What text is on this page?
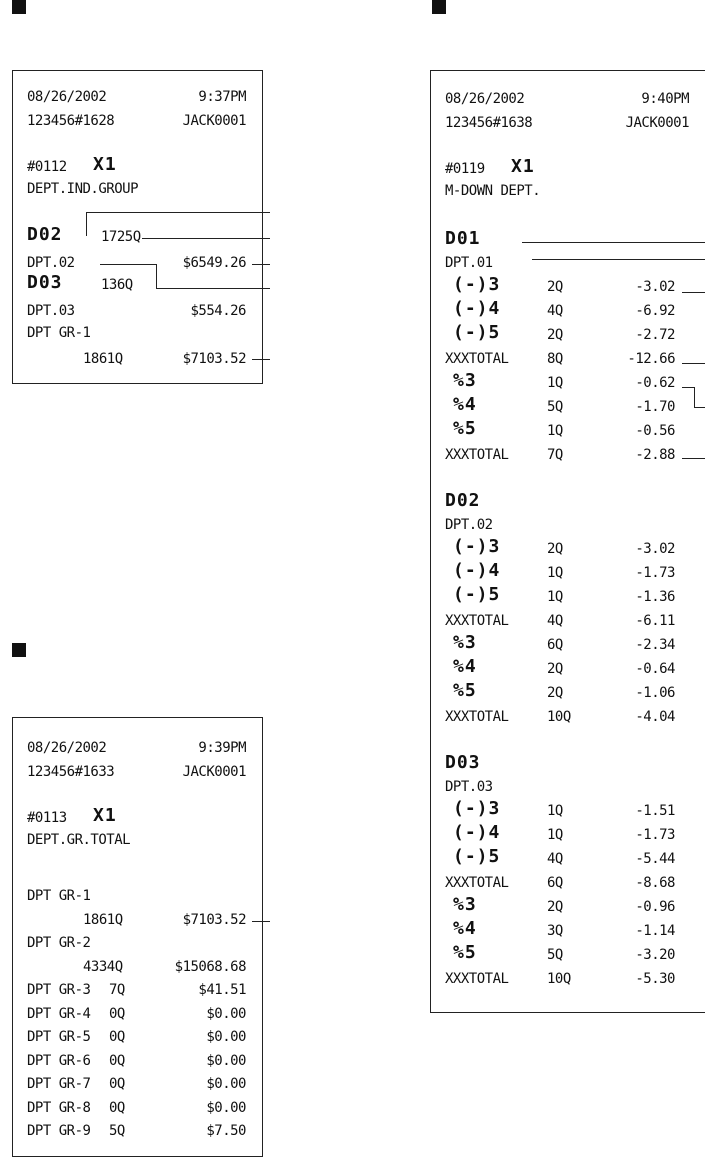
08/26/2002	9:37PM
123456#1628	JACK0001
#0112 X1
DEPT.IND.GROUP
D02	1725Q
DPT.02	$6549.26
D03	136Q
DPT.03	$554.26
DPT GR-1
1861Q	$7103.52
08/26/2002	9:39PM
123456#1633	JACK0001
#0113 X1
DEPT.GR.TOTAL
DPT GR-1
1861Q	$7103.52
DPT GR-2
4334Q	$15068.68
DPT GR-3 7Q	$41.51
DPT GR-4 0Q	$0.00
DPT GR-5 0Q	$0.00
DPT GR-6 0Q	$0.00
DPT GR-7 0Q	$0.00
DPT GR-8 0Q	$0.00
DPT GR-9 5Q	$7.50
08/26/2002	9:40PM
123456#1638	JACK0001
#0119 X1
M-DOWN DEPT.
D01
DPT.01
(-)3	2Q	-3.02
(-)4	4Q	-6.92
(-)5	2Q	-2.72
XXXTOTAL	8Q	-12.66
%3	1Q	-0.62
%4	5Q	-1.70
%5	1Q	-0.56
XXXTOTAL	7Q	-2.88
D02
DPT.02
(-)3	2Q	-3.02
(-)4	1Q	-1.73
(-)5	1Q	-1.36
XXXTOTAL	4Q	-6.11
%3	6Q	-2.34
%4	2Q	-0.64
%5	2Q	-1.06
XXXTOTAL	10Q	-4.04
D03
DPT.03
(-)3	1Q	-1.51
(-)4	1Q	-1.73
(-)5	4Q	-5.44
XXXTOTAL	6Q	-8.68
%3	2Q	-0.96
%4	3Q	-1.14
%5	5Q	-3.20
XXXTOTAL	10Q	-5.30
